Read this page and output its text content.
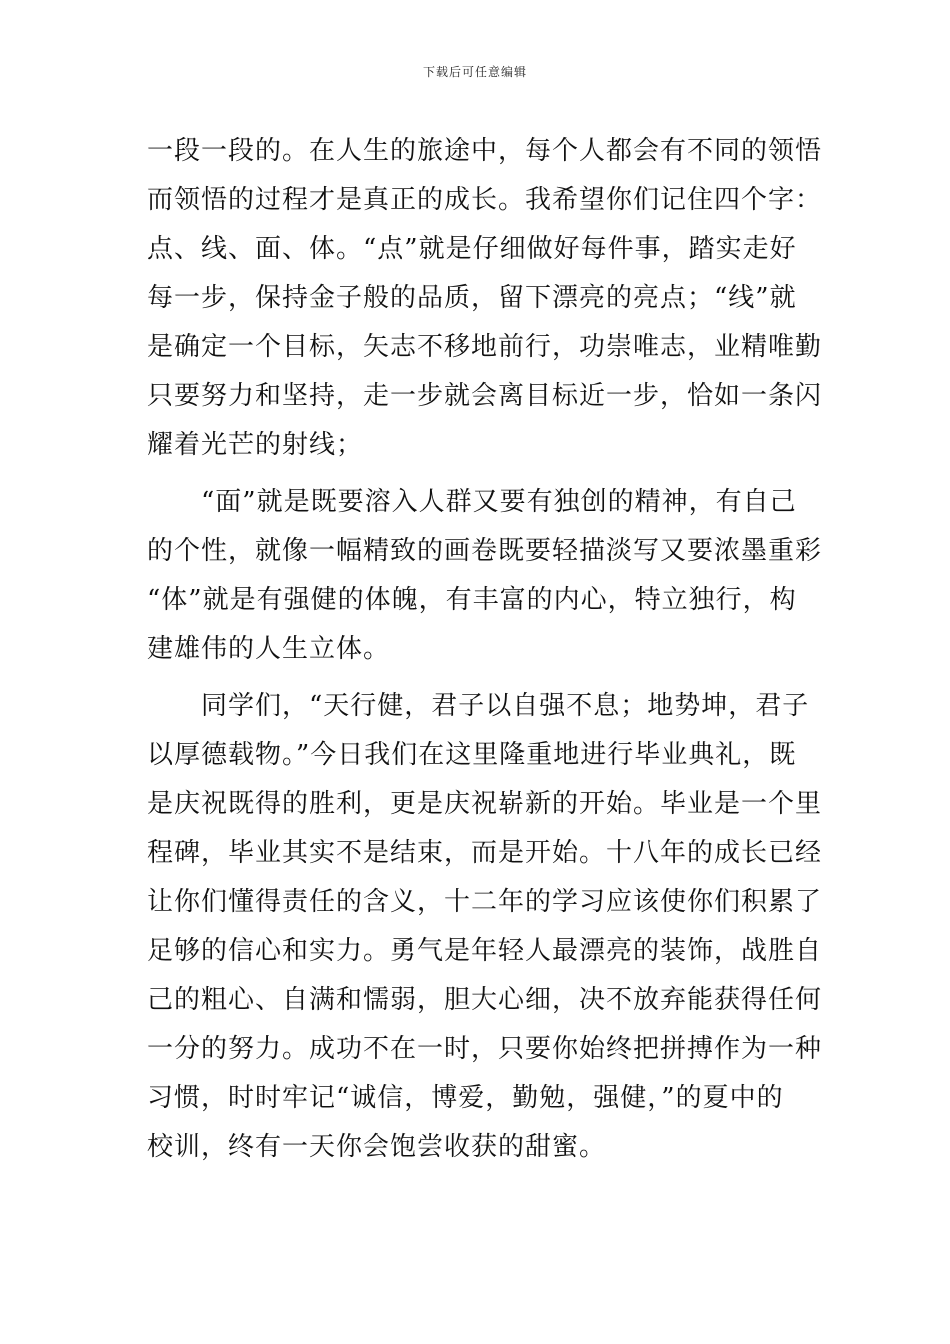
下载后可任意编辑
一段一段的。在人生的旅途中，每个人都会有不同的领悟
而领悟的过程才是真正的成长。我希望你们记住四个字：
点、线、面、体。“点”就是仔细做好每件事，踏实走好
每一步，保持金子般的品质，留下漂亮的亮点；“线”就
是确定一个目标，矢志不移地前行，功崇唯志，业精唯勤
只要努力和坚持，走一步就会离目标近一步，恰如一条闪
耀着光芒的射线；
　　“面”就是既要溶入人群又要有独创的精神，有自己
的个性，就像一幅精致的画卷既要轻描淡写又要浓墨重彩
“体”就是有强健的体魄，有丰富的内心，特立独行，构
建雄伟的人生立体。
　　同学们，“天行健，君子以自强不息；地势坤，君子
以厚德载物。”今日我们在这里隆重地进行毕业典礼，既
是庆祝既得的胜利，更是庆祝崭新的开始。毕业是一个里
程碑，毕业其实不是结束，而是开始。十八年的成长已经
让你们懂得责任的含义，十二年的学习应该使你们积累了
足够的信心和实力。勇气是年轻人最漂亮的装饰，战胜自
己的粗心、自满和懦弱，胆大心细，决不放弃能获得任何
一分的努力。成功不在一时，只要你始终把拼搏作为一种
习惯，时时牢记“诚信，博爱，勤勉，强健，”的夏中的
校训，终有一天你会饱尝收获的甜蜜。
